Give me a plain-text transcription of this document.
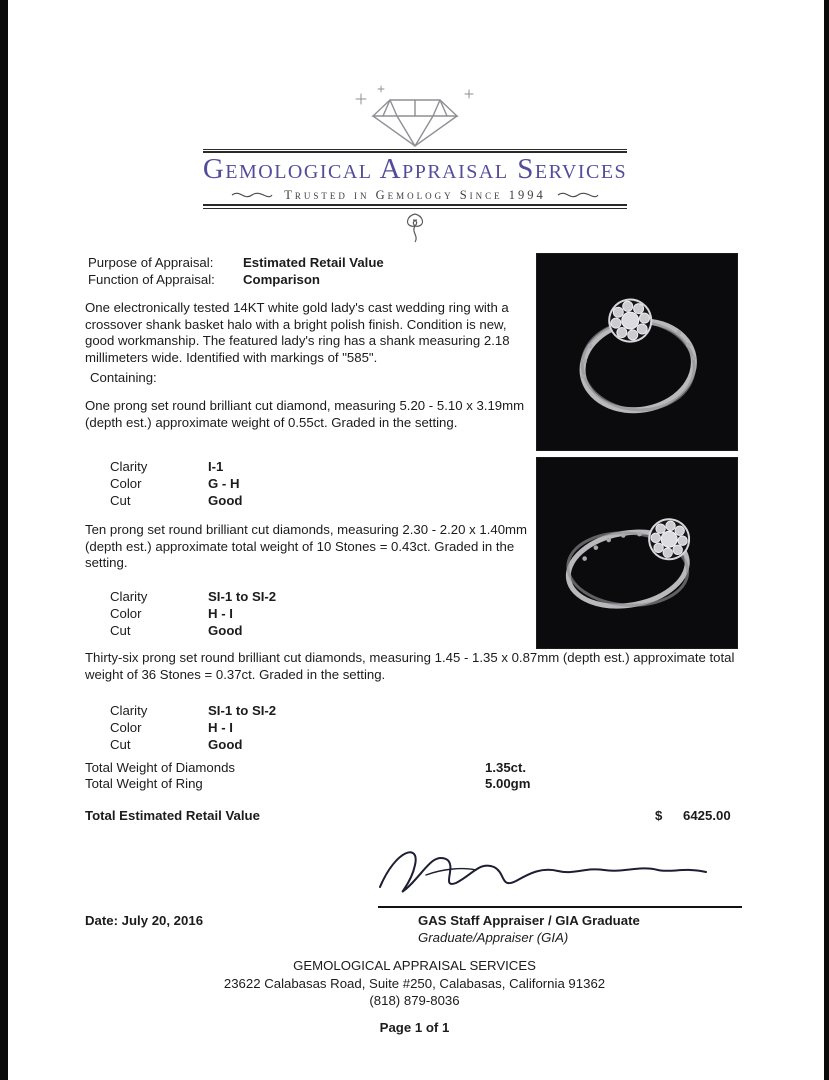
Gemological Appraisal Services
Trusted in Gemology Since 1994
Purpose of Appraisal:	Estimated Retail Value
Function of Appraisal:	Comparison
One electronically tested 14KT white gold lady's cast wedding ring with a crossover shank basket halo with a bright polish finish. Condition is new, good workmanship. The featured lady's ring has a shank measuring 2.18 millimeters wide. Identified with markings of "585".
Containing:
One prong set round brilliant cut diamond, measuring 5.20 - 5.10 x 3.19mm (depth est.) approximate weight of 0.55ct. Graded in the setting.
Clarity	I-1
Color	G - H
Cut	Good
Ten prong set round brilliant cut diamonds, measuring 2.30 - 2.20 x 1.40mm (depth est.) approximate total weight of 10 Stones = 0.43ct. Graded in the setting.
Clarity	SI-1 to SI-2
Color	H - I
Cut	Good
Thirty-six prong set round brilliant cut diamonds, measuring 1.45 - 1.35 x 0.87mm (depth est.) approximate total weight of 36 Stones = 0.37ct. Graded in the setting.
Clarity	SI-1 to SI-2
Color	H - I
Cut	Good
Total Weight of Diamonds	1.35ct.
Total Weight of Ring	5.00gm
Total Estimated Retail Value	$ 6425.00
Date: July 20, 2016	GAS Staff Appraiser / GIA Graduate
Graduate/Appraiser (GIA)
GEMOLOGICAL APPRAISAL SERVICES
23622 Calabasas Road, Suite #250, Calabasas, California 91362
(818) 879-8036
Page 1 of 1
